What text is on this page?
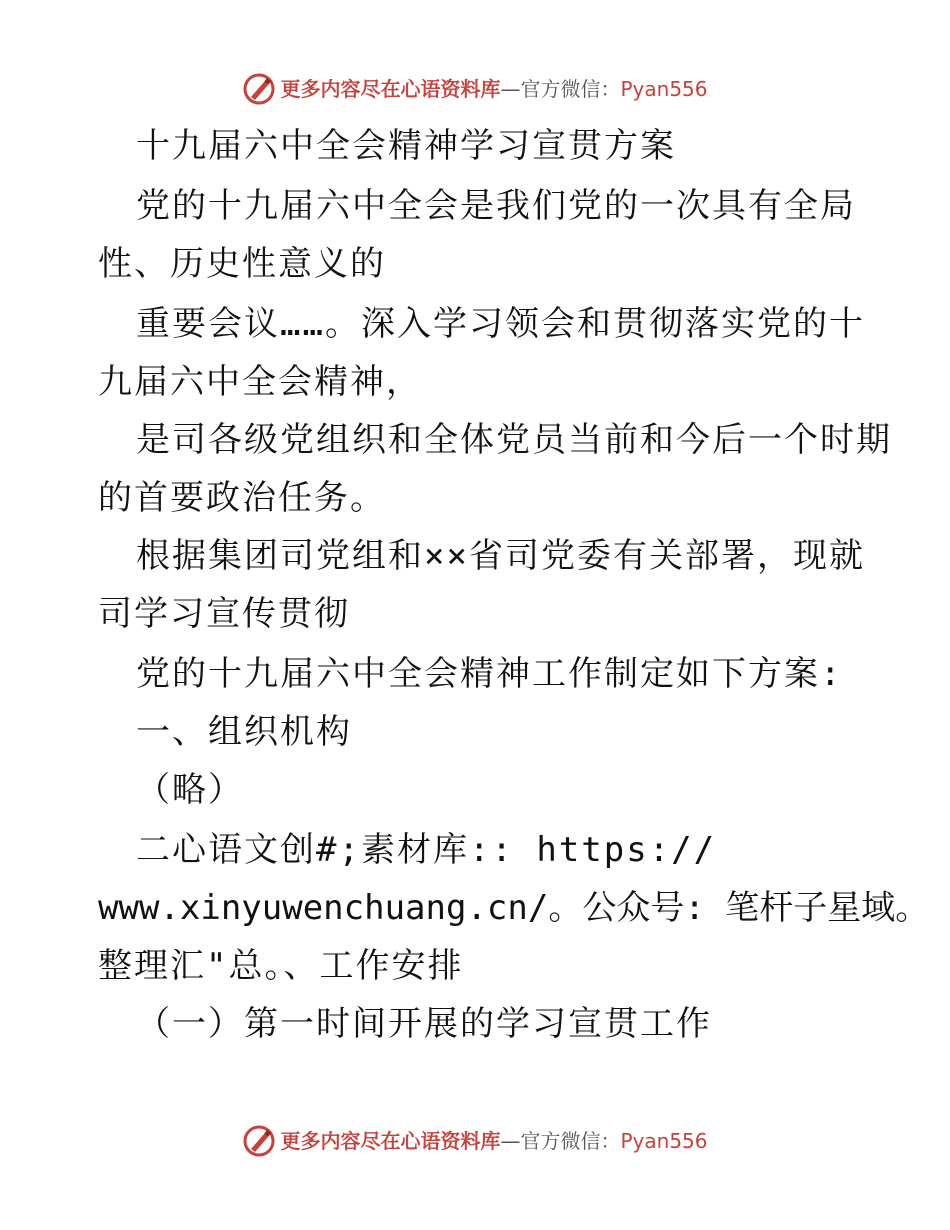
更多内容尽在心语资料库 — 官方微信： Pyan556
十九届六中全会精神学习宣贯方案
党的十九届六中全会是我们党的一次具有全局
性、历史性意义的
重要会议……。深入学习领会和贯彻落实党的十
九届六中全会精神，
是司各级党组织和全体党员当前和今后一个时期
的首要政治任务。
根据集团司党组和××省司党委有关部署，现就
司学习宣传贯彻
党的十九届六中全会精神工作制定如下方案:
一、组织机构
（略）
二心语文创#;素材库:: https://
www.xinyuwenchuang.cn/。公众号: 笔杆子星域。
整理汇"总。、工作安排
（一）第一时间开展的学习宣贯工作
更多内容尽在心语资料库 — 官方微信： Pyan556
